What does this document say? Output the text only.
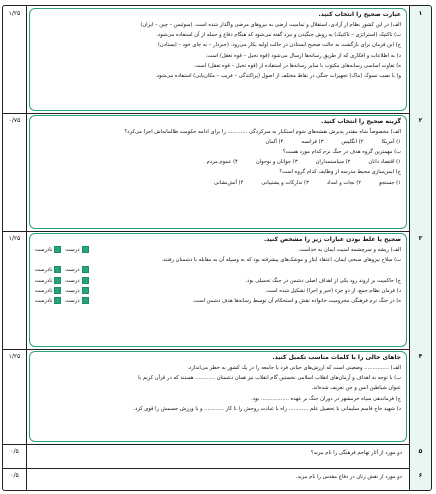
۱
۱/۲۵	عبارت صحیح را انتخاب کنید.
الف) در این کشور نظام از آزادی، استقلال و تمامیت ارضی به نیروهای مرضی واگذار شده است. (سوئیس – چین – ایران)
ب) تاکتیک (استراتژی – تاکتیک) به روش جنگیدن و نبرد گفته می‌شود که هنگام دفاع و حمله از آن استفاده می‌شود.
ج) این فرمان برای بازگشت به حالت صحیح ایستادن در حالت اولیه بکار می‌رود. (خبردار – به جای خود – ایستادن)
د) به اطلاعات و افکاری که از طریق رسانه‌ها ارسال می‌شود (قوه تخیل – قوه تعقل) است.
ه) تفاوت اساسی رسانه‌های مکتوب با سایر رسانه‌ها در استفاده از (قوه تخیل – قوه تعقل) است.
و) با نصب تسوک (ماک) تجهیزات جنگی در نقاط مختلف از اصول (پراکندگی – فریب – مکان‌یابی) استفاده می‌شود.
۲
۰/۷۵	گزینه صحیح را انتخاب کنید.
الف) مخصوصاً شاه مقتدر پذیرش نقشه‌های شوم استکبار به سرکردگی ............ را برای ادامه حکومت ظالمانه‌اش اجرا می‌کرد؟
۱) آمریکا
۲) انگلیس
۳) فرانسه
۴) آلمان
ب) مهمترین گروه هدف در جنگ نرم کدام مورد هست؟
۱) اقتصاد دانان
۲) سیاستمداران
۳) جوانان و نوجوان
۴) عموم مردم
ج) ایمن‌سازی محیط مدرسه از وظایف کدام گروه است؟
۱) جستجو
۲) نجات و امداد
۳) تدارکات و پشتیبانی
۴) آتش‌نشانی
۳
۱/۲۵	صحیح یا غلط بودن عبارات زیر را مشخص کنید.
الف) ریشه و سرچشمه امنیت ایمان به خداست.
درست
نادرست
ب) سلاح نیروهای سبحی ایمان، اعتقاد ایثار و موشک‌های پیشرفته بود که به وسیله آن به مقابله با دشمنان رفتند.
درست
نادرست
ج) حاکمیت بر اروند رود یکی از اهداف اصلی دشمن در جنگ تحمیلی بود.
درست
نادرست
د) فرمان نظام جمع، از دو جزء (خبر و اجرا) تشکیل شده است.
درست
نادرست
ه) در جنگ نرم فرهنگی محرومیت خانواده نقش و استحکام آن توسط رسانه‌ها هدف دشمن است.
درست
نادرست
۴
۱/۲۵	جاهای خالی را با کلمات مناسب تکمیل کنید.
الف) ............... وضعیتی است که ارزش‌های حیاتی فرد یا جامعه را در یک کشور به خطر می‌اندازد.
ب) با توجه به اهداف و آرمان‌های انقلاب اسلامی نخستین گام انقلاب نیز همان دشمنان ............ هستند که در قرآن کریم با
عنوان شیاطین انس و جن تعریف شده‌اند.
ج) فرماندهی سپاه خرمشهر در دوران جنگ بر عهده ................. بود.
د) شهید حاج قاسم سلیمانی با تحصیل علم ............ راه با عبادت روحش را تا کار ............ و با ورزش جسمش را قوی کرد.
۵
۰/۵	دو مورد از آثار تهاجم فرهنگی را نام ببرید؟
۶
۰/۵	دو مورد از نقش زنان در دفاع مقدس را نام ببرید.
